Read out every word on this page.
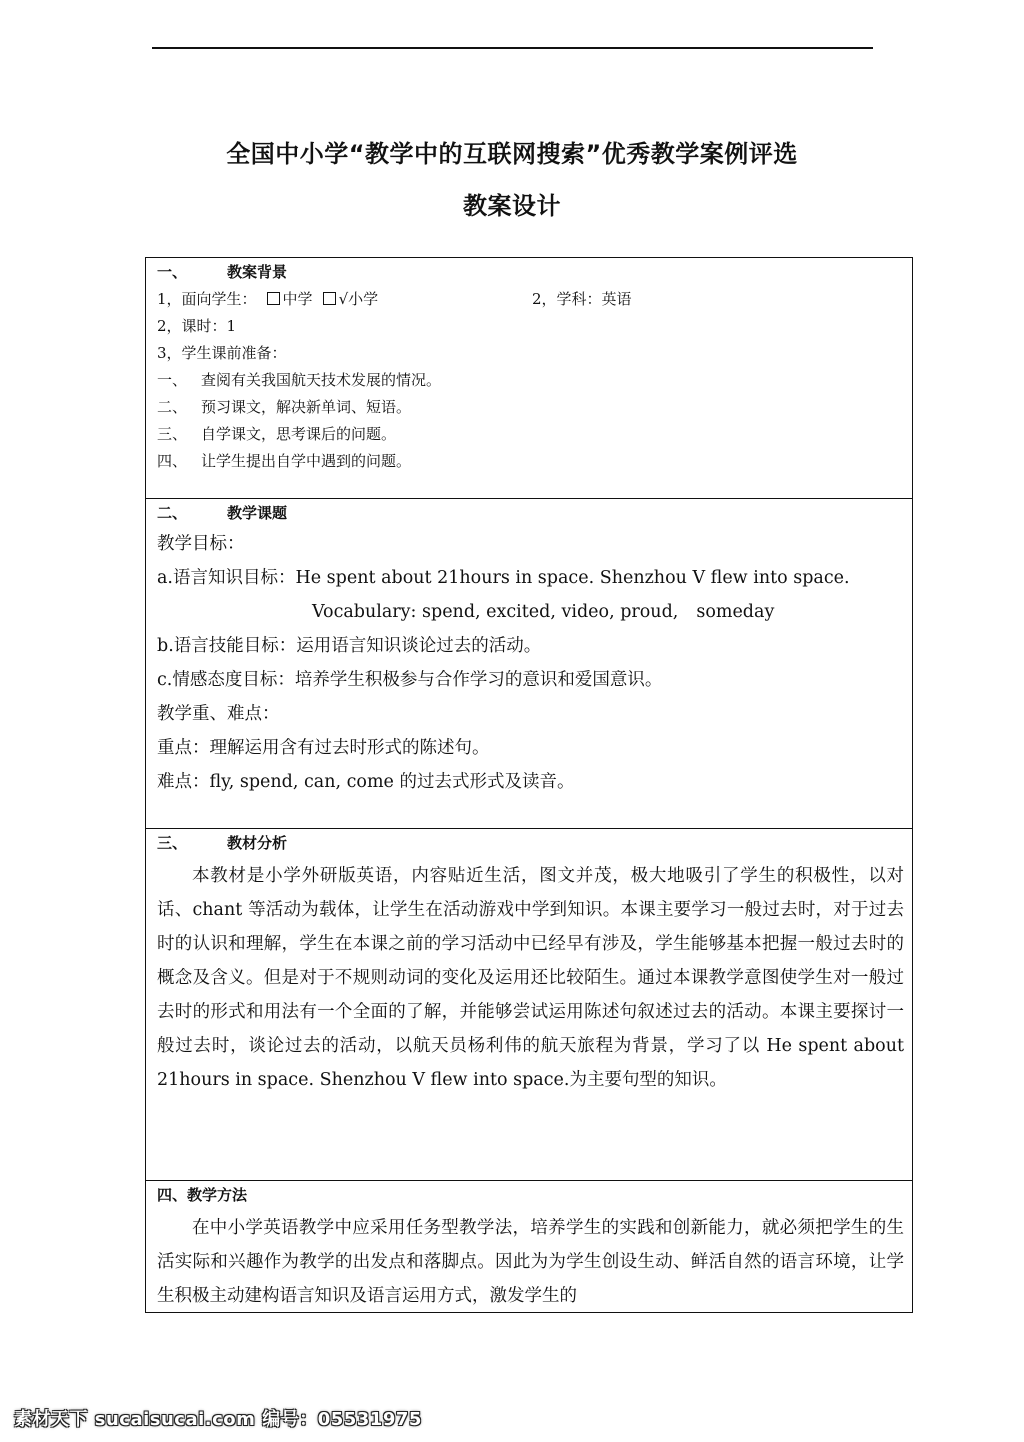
全国中小学“教学中的互联网搜索”优秀教学案例评选
教案设计
一、	教案背景
1，面向学生： 中学 √小学	2，学科：英语
2，课时：1
3，学生课前准备：
一、 查阅有关我国航天技术发展的情况。
二、 预习课文，解决新单词、短语。
三、 自学课文，思考课后的问题。
四、 让学生提出自学中遇到的问题。
二、	教学课题
教学目标：
a.语言知识目标：He spent about 21hours in space. Shenzhou V flew into space.
Vocabulary: spend, excited, video, proud, someday
b.语言技能目标：运用语言知识谈论过去的活动。
c.情感态度目标：培养学生积极参与合作学习的意识和爱国意识。
教学重、难点：
重点：理解运用含有过去时形式的陈述句。
难点：fly, spend, can, come 的过去式形式及读音。
三、	教材分析

本教材是小学外研版英语，内容贴近生活，图文并茂，极大地吸引了学生的积极性，以对话、chant 等活动为载体，让学生在活动游戏中学到知识。本课主要学习一般过去时，对于过去时的认识和理解，学生在本课之前的学习活动中已经早有涉及，学生能够基本把握一般过去时的概念及含义。但是对于不规则动词的变化及运用还比较陌生。通过本课教学意图使学生对一般过去时的形式和用法有一个全面的了解，并能够尝试运用陈述句叙述过去的活动。本课主要探讨一般过去时，谈论过去的活动，以航天员杨利伟的航天旅程为背景，学习了以 He spent about 21hours in space. Shenzhou V flew into space.为主要句型的知识。

四、教学方法

在中小学英语教学中应采用任务型教学法，培养学生的实践和创新能力，就必须把学生的生活实际和兴趣作为教学的出发点和落脚点。因此为为学生创设生动、鲜活自然的语言环境，让学生积极主动建构语言知识及语言运用方式，激发学生的

素材天下 sucaisucai.com 编号：05531975
